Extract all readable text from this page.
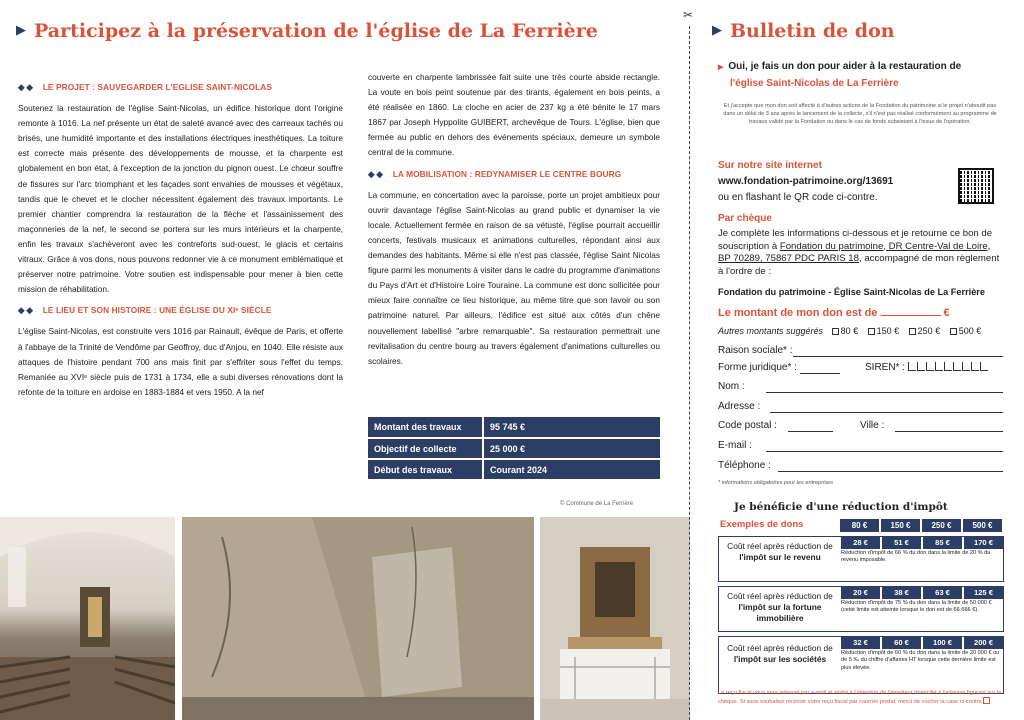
▶ Participez à la préservation de l'église de La Ferrière
◆◆ LE PROJET : SAUVEGARDER L'EGLISE SAINT-NICOLAS

Soutenez la restauration de l'église Saint-Nicolas, un édifice historique dont l'origine remonte à 1016. La nef présente un état de saleté avancé avec des carreaux tachés ou brisés, une humidité importante et des installations électriques inesthétiques. La toiture est correcte mais présente des développements de mousse, et la charpente est globalement en bon état, à l'exception de la jonction du pignon ouest. Le chœur souffre de fissures sur l'arc triomphant et les façades sont envahies de mousses et végétaux, tandis que le chevet et le clocher nécessitent également des travaux importants. Le premier chantier comprendra la restauration de la flèche et l'assainissement des maçonneries de la nef, le second se portera sur les murs intérieurs et la charpente, enfin les travaux s'achèveront avec les contreforts sud-ouest, le glacis et certains vitraux. Grâce à vos dons, nous pouvons redonner vie à ce monument emblématique et préserver notre patrimoine. Votre soutien est indispensable pour mener à bien cette mission de réhabilitation.

◆◆ LE LIEU ET SON HISTOIRE : UNE ÉGLISE DU XIᵉ SIÈCLE

L'église Saint-Nicolas, est construite vers 1016 par Rainault, évêque de Paris, et offerte à l'abbaye de la Trinité de Vendôme par Geoffroy, duc d'Anjou, en 1040. Elle résiste aux attaques de l'histoire pendant 700 ans mais finit par s'effriter sous l'effet du temps. Remaniée au XVIᵉ siècle puis de 1731 à 1734, elle a subi diverses rénovations dont la refonte de la toiture en ardoise en 1883-1884 et vers 1950. A la nef

couverte en charpente lambrissée fait suite une très courte abside rectangle. La voute en bois peint soutenue par des tirants, également en bois peints, a été réalisée en 1860. La cloche en acier de 237 kg a été bénite le 17 mars 1867 par Joseph Hyppolite GUIBERT, archevêque de Tours. L'église, bien que fermée au public en dehors des événements spéciaux, demeure un symbole central de la commune.

◆◆ LA MOBILISATION : REDYNAMISER LE CENTRE BOURG

La commune, en concertation avec la paroisse, porte un projet ambitieux pour ouvrir davantage l'église Saint-Nicolas au grand public et dynamiser la vie locale. Actuellement fermée en raison de sa vétusté, l'église pourrait accueillir concerts, festivals musicaux et animations culturelles, répondant ainsi aux demandes des habitants. Même si elle n'est pas classée, l'église Saint Nicolas figure parmi les monuments à visiter dans le cadre du programme d'animations du Pays d'Art et d'Histoire Loire Touraine. La commune est donc sollicitée pour mieux faire connaître ce lieu historique, au même titre que son lavoir ou son patrimoine naturel. Par ailleurs, l'édifice est situé aux côtés d'un chêne nouvellement labellisé "arbre remarquable". Sa restauration permettrait une revitalisation du centre bourg au travers également d'animations culturelles ou scolaires.

Montant des travaux	95 745 €
Objectif de collecte	25 000 €
Début des travaux	Courant 2024
© Commune de La Ferrière
✂
▶ Bulletin de don
▶ Oui, je fais un don pour aider à la restauration de
l'église Saint-Nicolas de La Ferrière
Et j'accepte que mon don soit affecté à d'autres actions de la Fondation du patrimoine si le projet n'aboutit pas dans un délai de 3 ans après le lancement de la collecte, s'il n'est pas réalisé conformément au programme de travaux validé par la Fondation ou dans le cas de fonds subsistant à l'issue de l'opération.
Sur notre site internet
www.fondation-patrimoine.org/13691
ou en flashant le QR code ci-contre.
Par chèque
Je complète les informations ci-dessous et je retourne ce bon de souscription à Fondation du patrimoine, DR Centre-Val de Loire, BP 70289, 75867 PDC PARIS 18, accompagné de mon règlement à l'ordre de :
Fondation du patrimoine - Église Saint-Nicolas de La Ferrière
Le montant de mon don est de	€
Autres montants suggérés 80 € 150 € 250 € 500 €
Raison sociale* :
Forme juridique* :	SIREN* :
Nom :
Adresse :
Code postal :	Ville :
E-mail :
Téléphone :
* informations obligatoires pour les entreprises
Je bénéficie d'une réduction d'impôt
Exemples de dons	80 €	150 €	250 €	500 €
Coût réel après réduction de l'impôt sur le revenu
28 €	51 €	85 €	170 €
Réduction d'impôt de 66 % du don dans la limite de 20 % du revenu imposable.
Coût réel après réduction de l'impôt sur la fortune immobilière
20 €	38 €	63 €	125 €
Réduction d'impôt de 75 % du don dans la limite de 50 000 € (cette limite est atteinte lorsque le don est de 66 666 €).
Coût réel après réduction de l'impôt sur les sociétés
32 €	60 €	100 €	200 €
Réduction d'impôt de 60 % du don dans la limite de 20 000 € ou de 5 ‰ du chiffre d'affaires HT lorsque cette dernière limite est plus élevée.
Le reçu fiscal vous sera adressé par e-mail et établi à l'attention de l'émetteur domicilié à l'adresse figurant sur le chèque. Si vous souhaitez recevoir votre reçu fiscal par courrier postal, merci de cocher la case ci-contre
